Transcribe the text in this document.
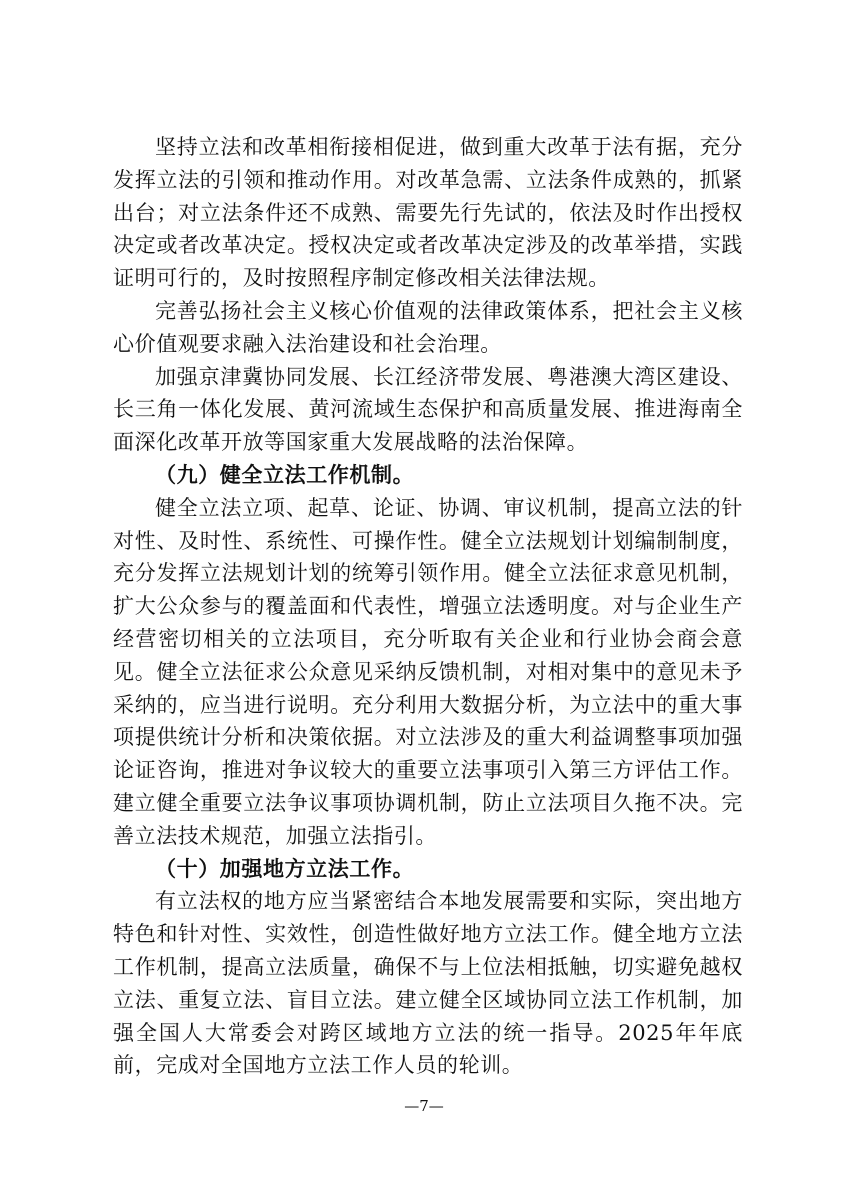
坚持立法和改革相衔接相促进，做到重大改革于法有据，充分发挥立法的引领和推动作用。对改革急需、立法条件成熟的，抓紧出台；对立法条件还不成熟、需要先行先试的，依法及时作出授权决定或者改革决定。授权决定或者改革决定涉及的改革举措，实践证明可行的，及时按照程序制定修改相关法律法规。

完善弘扬社会主义核心价值观的法律政策体系，把社会主义核心价值观要求融入法治建设和社会治理。

加强京津冀协同发展、长江经济带发展、粤港澳大湾区建设、长三角一体化发展、黄河流域生态保护和高质量发展、推进海南全面深化改革开放等国家重大发展战略的法治保障。

（九）健全立法工作机制。

健全立法立项、起草、论证、协调、审议机制，提高立法的针对性、及时性、系统性、可操作性。健全立法规划计划编制制度，充分发挥立法规划计划的统筹引领作用。健全立法征求意见机制，扩大公众参与的覆盖面和代表性，增强立法透明度。对与企业生产经营密切相关的立法项目，充分听取有关企业和行业协会商会意见。健全立法征求公众意见采纳反馈机制，对相对集中的意见未予采纳的，应当进行说明。充分利用大数据分析，为立法中的重大事项提供统计分析和决策依据。对立法涉及的重大利益调整事项加强论证咨询，推进对争议较大的重要立法事项引入第三方评估工作。建立健全重要立法争议事项协调机制，防止立法项目久拖不决。完善立法技术规范，加强立法指引。

（十）加强地方立法工作。

有立法权的地方应当紧密结合本地发展需要和实际，突出地方特色和针对性、实效性，创造性做好地方立法工作。健全地方立法工作机制，提高立法质量，确保不与上位法相抵触，切实避免越权立法、重复立法、盲目立法。建立健全区域协同立法工作机制，加强全国人大常委会对跨区域地方立法的统一指导。2025年年底前，完成对全国地方立法工作人员的轮训。

—7—
